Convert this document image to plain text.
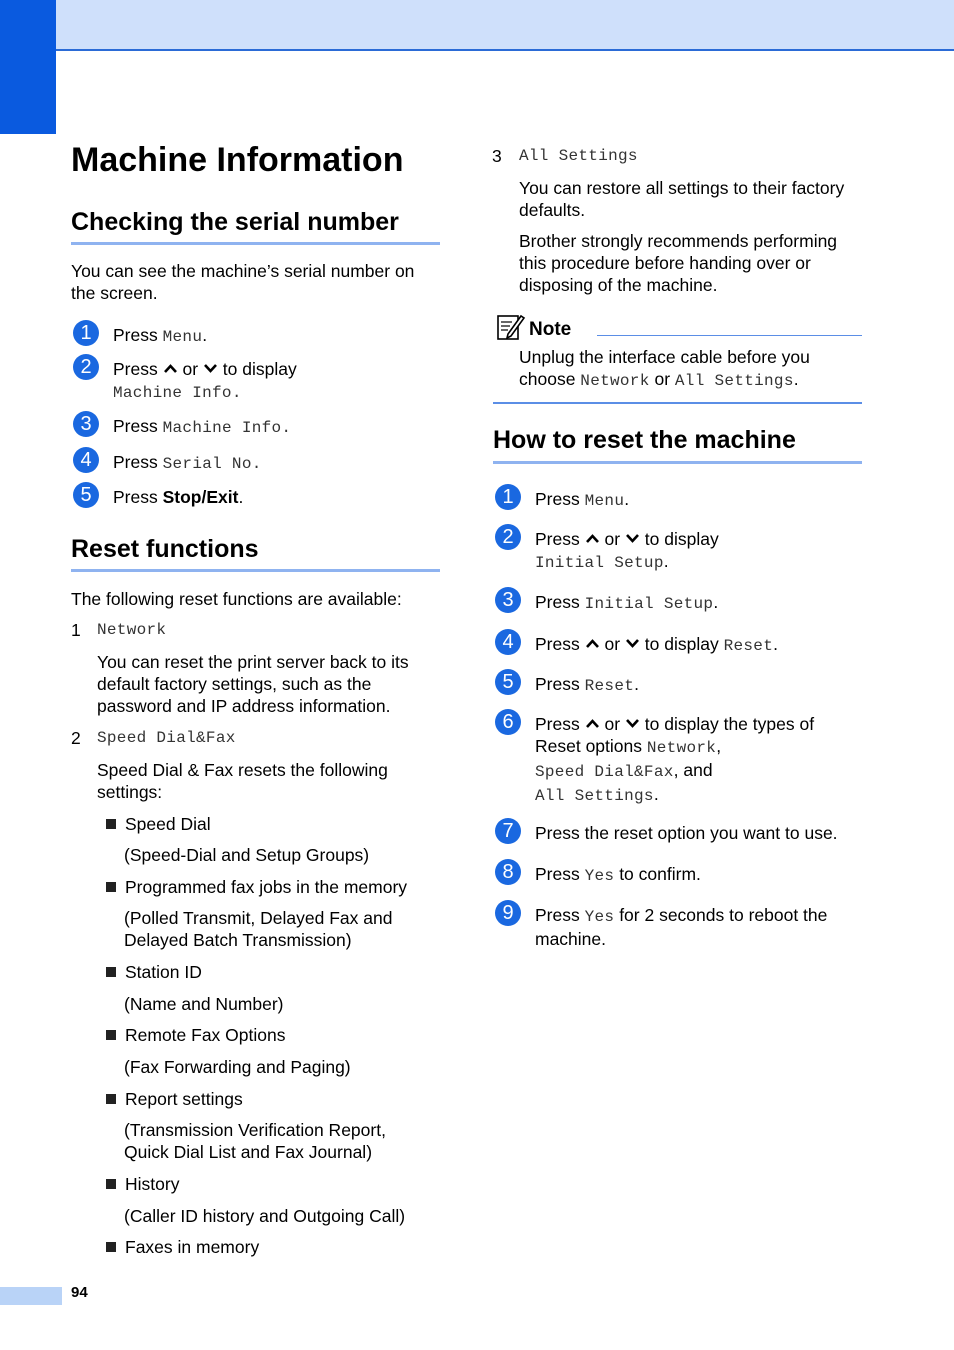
94
Machine Information
Checking the serial number
You can see the machine’s serial number on the screen.
1	Press Menu.
2	Press or to display
Machine Info.
3	Press Machine Info.
4	Press Serial No.
5	Press Stop/Exit.
Reset functions
The following reset functions are available:
1 Network
You can reset the print server back to its default factory settings, such as the password and IP address information.
2 Speed Dial&Fax
Speed Dial & Fax resets the following settings:
Speed Dial
(Speed-Dial and Setup Groups)
Programmed fax jobs in the memory
(Polled Transmit, Delayed Fax and Delayed Batch Transmission)
Station ID
(Name and Number)
Remote Fax Options
(Fax Forwarding and Paging)
Report settings
(Transmission Verification Report, Quick Dial List and Fax Journal)
History
(Caller ID history and Outgoing Call)
Faxes in memory
3 All Settings
You can restore all settings to their factory defaults.
Brother strongly recommends performing this procedure before handing over or disposing of the machine.
Note
Unplug the interface cable before you choose Network or All Settings.
How to reset the machine
1	Press Menu.
2	Press or to display
Initial Setup.
3	Press Initial Setup.
4	Press or to display Reset.
5	Press Reset.
6	Press or to display the types of
Reset options Network,
Speed Dial&Fax, and
All Settings.
7	Press the reset option you want to use.
8	Press Yes to confirm.
9	Press Yes for 2 seconds to reboot the
machine.
